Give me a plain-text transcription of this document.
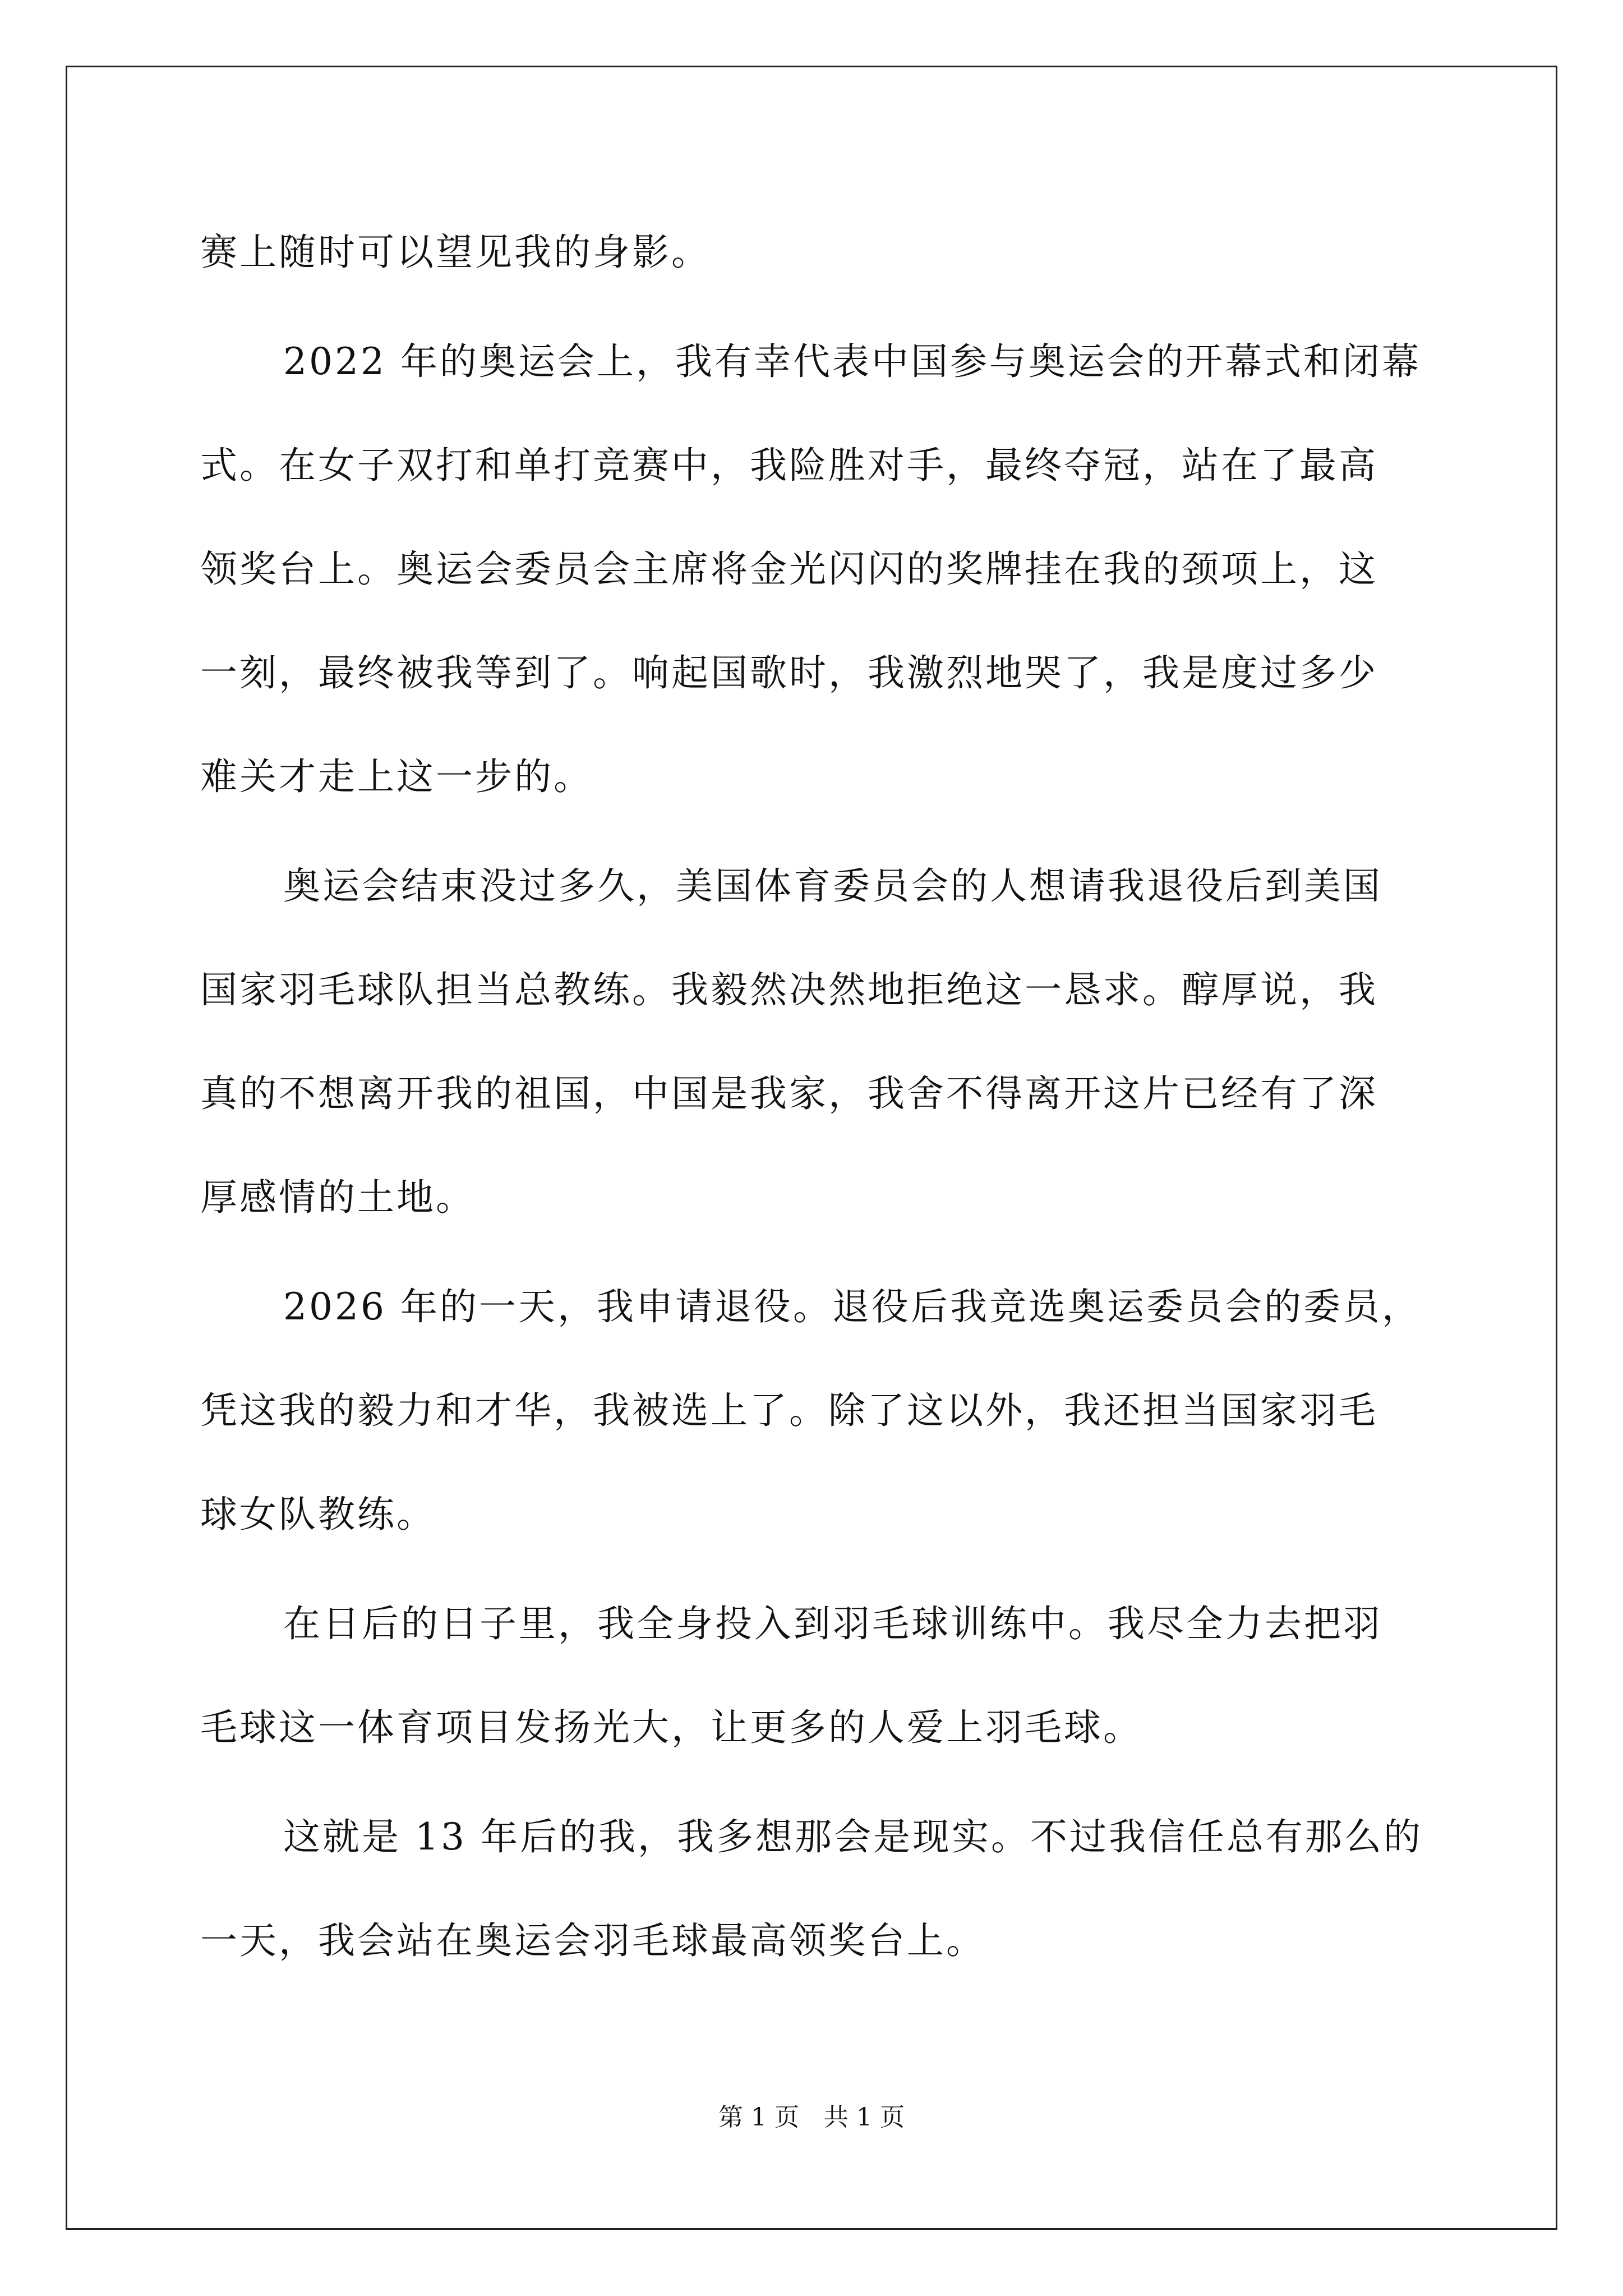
赛上随时可以望见我的身影。
2022 年的奥运会上，我有幸代表中国参与奥运会的开幕式和闭幕
式。在女子双打和单打竞赛中，我险胜对手，最终夺冠，站在了最高
领奖台上。奥运会委员会主席将金光闪闪的奖牌挂在我的颈项上，这
一刻，最终被我等到了。响起国歌时，我激烈地哭了，我是度过多少
难关才走上这一步的。
奥运会结束没过多久，美国体育委员会的人想请我退役后到美国
国家羽毛球队担当总教练。我毅然决然地拒绝这一恳求。醇厚说，我
真的不想离开我的祖国，中国是我家，我舍不得离开这片已经有了深
厚感情的土地。
2026 年的一天，我申请退役。退役后我竞选奥运委员会的委员，
凭这我的毅力和才华，我被选上了。除了这以外，我还担当国家羽毛
球女队教练。
在日后的日子里，我全身投入到羽毛球训练中。我尽全力去把羽
毛球这一体育项目发扬光大，让更多的人爱上羽毛球。
这就是 13 年后的我，我多想那会是现实。不过我信任总有那么的
一天，我会站在奥运会羽毛球最高领奖台上。
第 1 页　共 1 页
